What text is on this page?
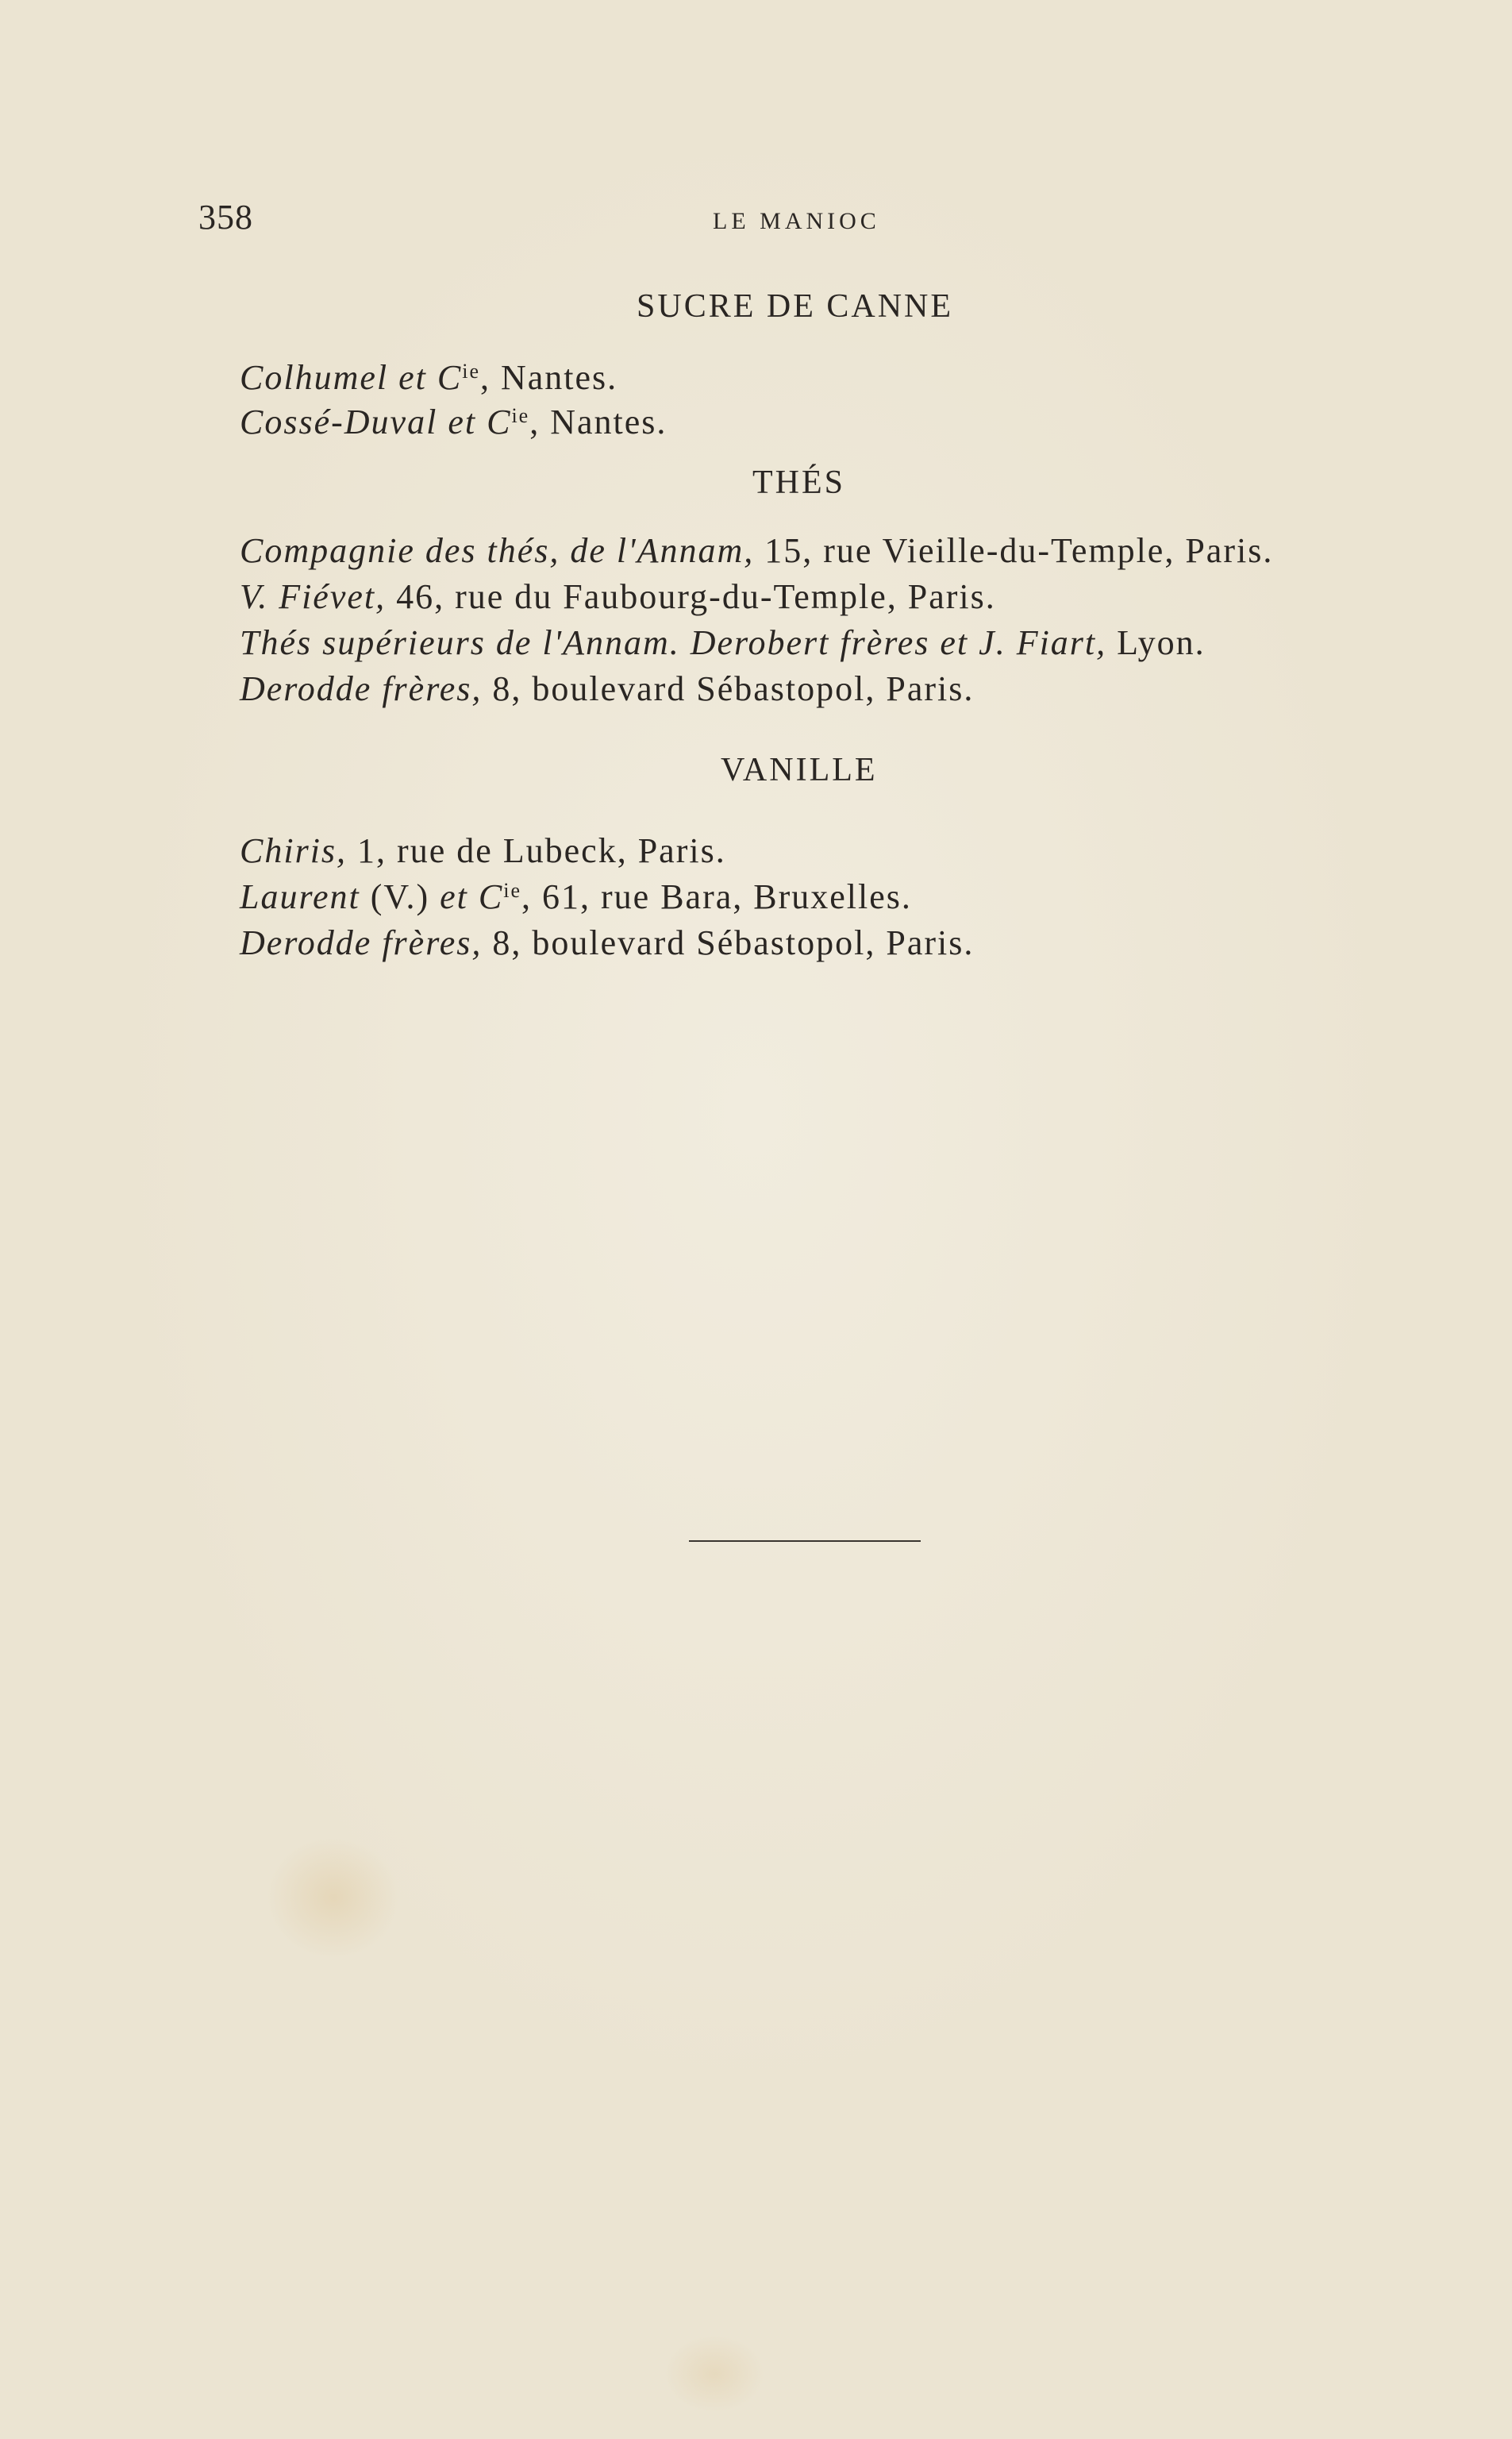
358	LE MANIOC
SUCRE DE CANNE
Colhumel et $C^{ie}$, Nantes.
Cossé-Duval et $C^{ie}$, Nantes.
THÉS
Compagnie des thés, de l'Annam, 15, rue Vieille-du-Temple, Paris.
V. Fiévet, 46, rue du Faubourg-du-Temple, Paris.
Thés supérieurs de l'Annam. Derobert frères et J. Fiart, Lyon.
Derodde frères, 8, boulevard Sébastopol, Paris.
VANILLE
Chiris, 1, rue de Lubeck, Paris.
Laurent (V.) et $C^{ie}$, 61, rue Bara, Bruxelles.
Derodde frères, 8, boulevard Sébastopol, Paris.
